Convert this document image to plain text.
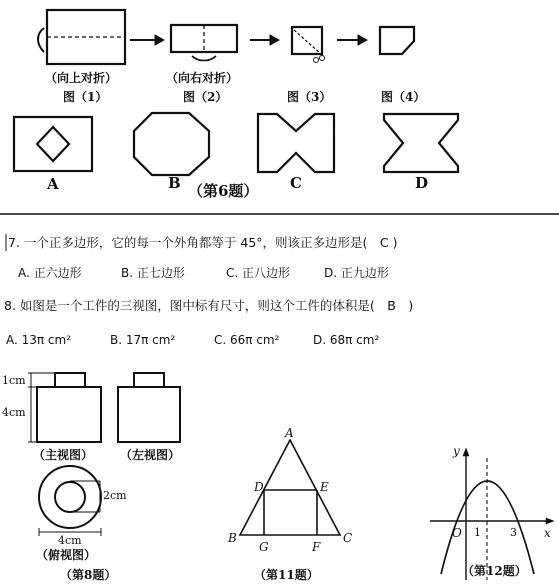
（向上对折）	（向右对折）
图（1）	图（2）	图（3）	图（4）
A	B	C	D
（第6题）
7. 一个正多边形，它的每一个外角都等于 45°，则该正多边形是(　C )
A. 正六边形	B. 正七边形	C. 正八边形	D. 正九边形
8. 如图是一个工件的三视图，图中标有尺寸，则这个工件的体积是(　B　)
A. 13π cm²	B. 17π cm²	C. 66π cm²	D. 68π cm²
1cm
4cm
2cm
4cm
（主视图） （左视图）
（俯视图）
（第8题）
A
B	C
D	E
F
G
（第11题）
y
x
O 1	3
（第12题）
